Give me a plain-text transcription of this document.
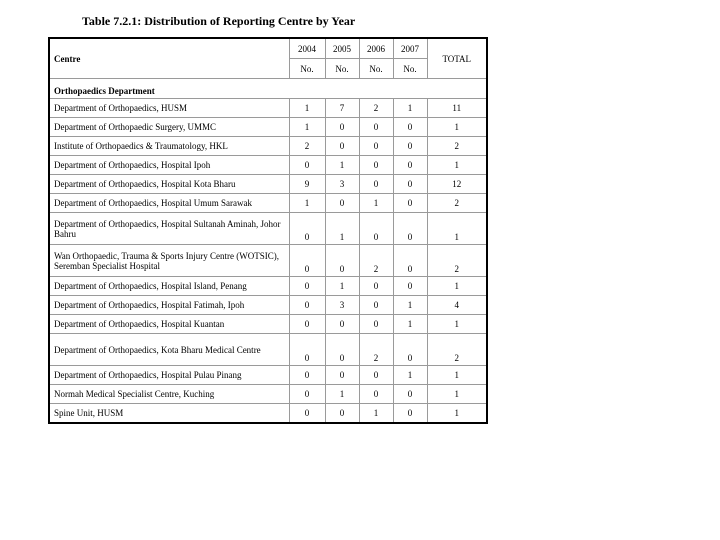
Table 7.2.1: Distribution of Reporting Centre by Year
Centre	2004	2005	2006	2007	TOTAL
	No.	No.	No.	No.	
Orthopaedics Department					
Department of Orthopaedics, HUSM	1	7	2	1	11
Department of Orthopaedic Surgery, UMMC	1	0	0	0	1
Institute of Orthopaedics & Traumatology, HKL	2	0	0	0	2
Department of Orthopaedics, Hospital Ipoh	0	1	0	0	1
Department of Orthopaedics, Hospital Kota Bharu	9	3	0	0	12
Department of Orthopaedics, Hospital Umum Sarawak	1	0	1	0	2
Department of Orthopaedics, Hospital Sultanah Aminah, Johor Bahru	0	1	0	0	1
Wan Orthopaedic, Trauma & Sports Injury Centre (WOTSIC), Seremban Specialist Hospital	0	0	2	0	2
Department of Orthopaedics, Hospital Island, Penang	0	1	0	0	1
Department of Orthopaedics, Hospital Fatimah, Ipoh	0	3	0	1	4
Department of Orthopaedics, Hospital Kuantan	0	0	0	1	1
Department of Orthopaedics, Kota Bharu Medical Centre	0	0	2	0	2
Department of Orthopaedics, Hospital Pulau Pinang	0	0	0	1	1
Normah Medical Specialist Centre, Kuching	0	1	0	0	1
Spine Unit, HUSM	0	0	1	0	1
